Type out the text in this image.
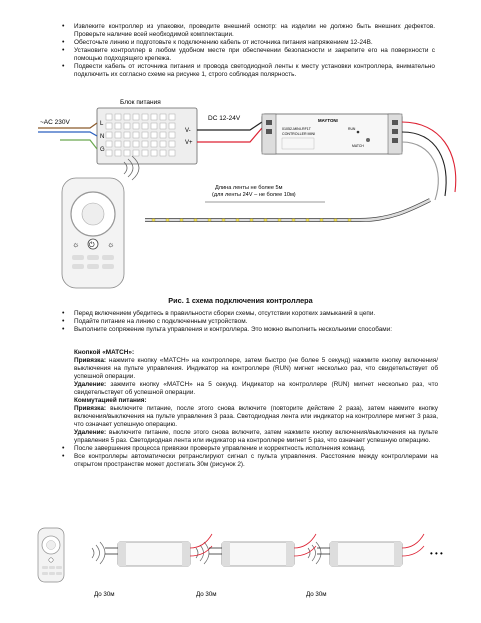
• Извлеките контроллер из упаковки, проведите внешний осмотр: на изделии не должно быть внешних дефектов. Проверьте наличие всей необходимой комплектации.
• Обесточьте линию и подготовьте к подключению кабель от источника питания напряжением 12-24В.
• Установите контроллер в любом удобном месте при обеспечении безопасности и закрепите его на поверхности с помощью подходящего крепежа.
• Подвести кабель от источника питания и провода светодиодной ленты к месту установки контроллера, внимательно подключить их согласно схеме на рисунке 1, строго соблюдая полярность.
Блок питания
L
N
G
V-
V+
~AC 230V
DC 12-24V	MAYTONI
01052-MINI-RF1T
CONTROLLER MINI
RUN
MATCH
☼ ⏻ ☼
Длина ленты не более 5м
(для ленты 24V – не более 10м)
Рис. 1 схема подключения контроллера
• Перед включением убедитесь в правильности сборки схемы, отсутствии коротких замыканий в цепи.
• Подайте питание на линию с подключенным устройством.
• Выполните сопряжение пульта управления и контроллера. Это можно выполнить несколькими способами:
Кнопкой «MATCH»:
Привязка: нажмите кнопку «MATCH» на контроллере, затем быстро (не более 5 секунд) нажмите кнопку включения/выключения на пульте управления. Индикатор на контроллере (RUN) мигнет несколько раз, что свидетельствует об успешной операции.
Удаление: зажмите кнопку «MATCH» на 5 секунд. Индикатор на контроллере (RUN) мигнет несколько раз, что свидетельствует об успешной операции.
Коммутацией питания:
Привязка: выключите питание, после этого снова включите (повторите действие 2 раза), затем нажмите кнопку включения/выключения на пульте управления 3 раза. Светодиодная лента или индикатор на контроллере мигнет 3 раза, что означает успешную операцию.
Удаление: выключите питание, после этого снова включите, затем нажмите кнопку включения/выключения на пульте управления 5 раз. Светодиодная лента или индикатор на контроллере мигнет 5 раз, что означает успешную операцию.
• После завершения процесса привязки проверьте управление и корректность исполнения команд.
• Все контроллеры автоматически ретранслируют сигнал с пульта управления. Расстояние между контроллерами на открытом пространстве может достигать 30м (рисунок 2).
• • •
До 30м	До 30м	До 30м
